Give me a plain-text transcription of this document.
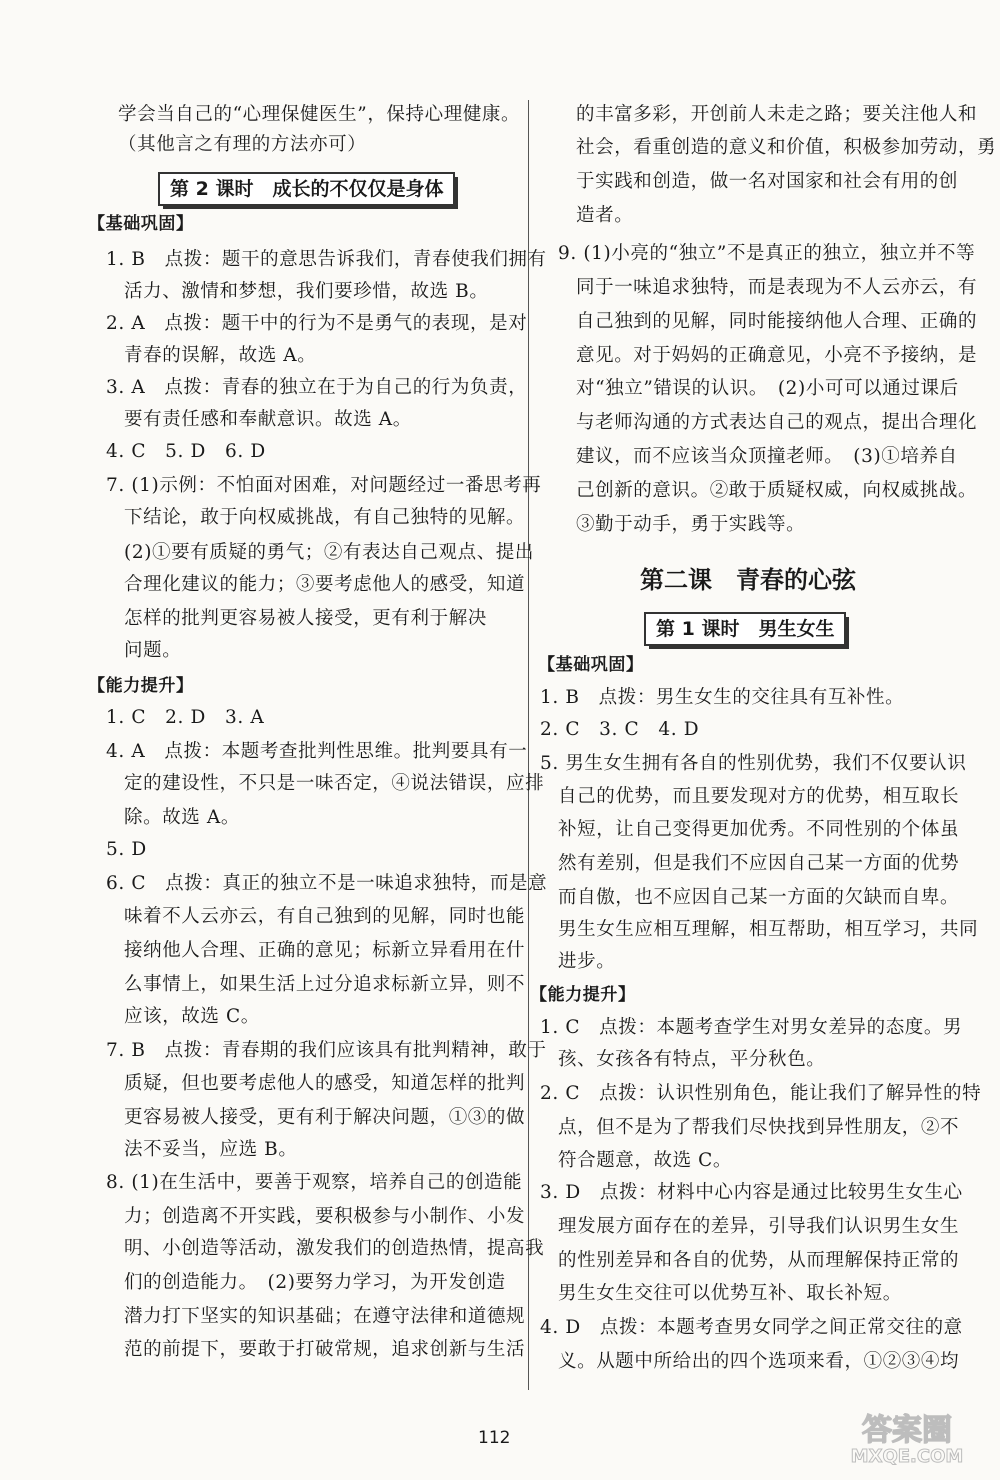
学会当自己的“心理保健医生”，保持心理健康。
（其他言之有理的方法亦可）
第 2 课时　成长的不仅仅是身体
【基础巩固】
1. B　点拨：题干的意思告诉我们，青春使我们拥有
活力、激情和梦想，我们要珍惜，故选 B。
2. A　点拨：题干中的行为不是勇气的表现，是对
青春的误解，故选 A。
3. A　点拨：青春的独立在于为自己的行为负责，
要有责任感和奉献意识。故选 A。
4. C　5. D　6. D
7. (1)示例：不怕面对困难，对问题经过一番思考再
下结论，敢于向权威挑战，有自己独特的见解。
(2)①要有质疑的勇气；②有表达自己观点、提出
合理化建议的能力；③要考虑他人的感受，知道
怎样的批判更容易被人接受，更有利于解决
问题。
【能力提升】
1. C　2. D　3. A
4. A　点拨：本题考查批判性思维。批判要具有一
定的建设性，不只是一味否定，④说法错误，应排
除。故选 A。
5. D
6. C　点拨：真正的独立不是一味追求独特，而是意
味着不人云亦云，有自己独到的见解，同时也能
接纳他人合理、正确的意见；标新立异看用在什
么事情上，如果生活上过分追求标新立异，则不
应该，故选 C。
7. B　点拨：青春期的我们应该具有批判精神，敢于
质疑，但也要考虑他人的感受，知道怎样的批判
更容易被人接受，更有利于解决问题，①③的做
法不妥当，应选 B。
8. (1)在生活中，要善于观察，培养自己的创造能
力；创造离不开实践，要积极参与小制作、小发
明、小创造等活动，激发我们的创造热情，提高我
们的创造能力。　(2)要努力学习，为开发创造
潜力打下坚实的知识基础；在遵守法律和道德规
范的前提下，要敢于打破常规，追求创新与生活
的丰富多彩，开创前人未走之路；要关注他人和
社会，看重创造的意义和价值，积极参加劳动，勇
于实践和创造，做一名对国家和社会有用的创
造者。
9. (1)小亮的“独立”不是真正的独立，独立并不等
同于一味追求独特，而是表现为不人云亦云，有
自己独到的见解，同时能接纳他人合理、正确的
意见。对于妈妈的正确意见，小亮不予接纳，是
对“独立”错误的认识。　(2)小可可以通过课后
与老师沟通的方式表达自己的观点，提出合理化
建议，而不应该当众顶撞老师。　(3)①培养自
己创新的意识。②敢于质疑权威，向权威挑战。
③勤于动手，勇于实践等。
第二课　青春的心弦
第 1 课时　男生女生
【基础巩固】
1. B　点拨：男生女生的交往具有互补性。
2. C　3. C　4. D
5. 男生女生拥有各自的性别优势，我们不仅要认识
自己的优势，而且要发现对方的优势，相互取长
补短，让自己变得更加优秀。不同性别的个体虽
然有差别，但是我们不应因自己某一方面的优势
而自傲，也不应因自己某一方面的欠缺而自卑。
男生女生应相互理解，相互帮助，相互学习，共同
进步。
【能力提升】
1. C　点拨：本题考查学生对男女差异的态度。男
孩、女孩各有特点，平分秋色。
2. C　点拨：认识性别角色，能让我们了解异性的特
点，但不是为了帮我们尽快找到异性朋友，②不
符合题意，故选 C。
3. D　点拨：材料中心内容是通过比较男生女生心
理发展方面存在的差异，引导我们认识男生女生
的性别差异和各自的优势，从而理解保持正常的
男生女生交往可以优势互补、取长补短。
4. D　点拨：本题考查男女同学之间正常交往的意
义。从题中所给出的四个选项来看，①②③④均
112	答案圈
MXQE.COM
